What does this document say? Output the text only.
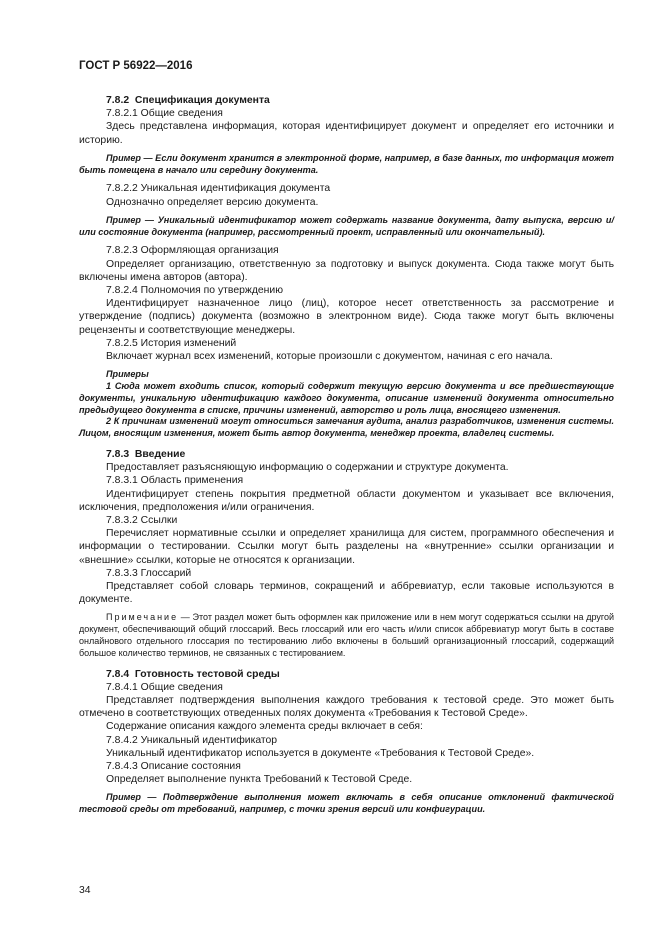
ГОСТ Р 56922—2016
7.8.2 Спецификация документа
7.8.2.1 Общие сведения
Здесь представлена информация, которая идентифицирует документ и определяет его источники и историю.
Пример — Если документ хранится в электронной форме, например, в базе данных, то информация может быть помещена в начало или середину документа.
7.8.2.2 Уникальная идентификация документа
Однозначно определяет версию документа.
Пример — Уникальный идентификатор может содержать название документа, дату выпуска, версию и/или состояние документа (например, рассмотренный проект, исправленный или окончательный).
7.8.2.3 Оформляющая организация
Определяет организацию, ответственную за подготовку и выпуск документа. Сюда также могут быть включены имена авторов (автора).
7.8.2.4 Полномочия по утверждению
Идентифицирует назначенное лицо (лиц), которое несет ответственность за рассмотрение и утверждение (подпись) документа (возможно в электронном виде). Сюда также могут быть включены рецензенты и соответствующие менеджеры.
7.8.2.5 История изменений
Включает журнал всех изменений, которые произошли с документом, начиная с его начала.
Примеры
1 Сюда может входить список, который содержит текущую версию документа и все предшествующие документы, уникальную идентификацию каждого документа, описание изменений документа относительно предыдущего документа в списке, причины изменений, авторство и роль лица, вносящего изменения.
2 К причинам изменений могут относиться замечания аудита, анализ разработчиков, изменения системы. Лицом, вносящим изменения, может быть автор документа, менеджер проекта, владелец системы.
7.8.3 Введение
Предоставляет разъясняющую информацию о содержании и структуре документа.
7.8.3.1 Область применения
Идентифицирует степень покрытия предметной области документом и указывает все включения, исключения, предположения и/или ограничения.
7.8.3.2 Ссылки
Перечисляет нормативные ссылки и определяет хранилища для систем, программного обеспечения и информации о тестировании. Ссылки могут быть разделены на «внутренние» ссылки организации и «внешние» ссылки, которые не относятся к организации.
7.8.3.3 Глоссарий
Представляет собой словарь терминов, сокращений и аббревиатур, если таковые используются в документе.
Примечание — Этот раздел может быть оформлен как приложение или в нем могут содержаться ссылки на другой документ, обеспечивающий общий глоссарий. Весь глоссарий или его часть и/или список аббревиатур могут быть в составе онлайнового отдельного глоссария по тестированию либо включены в больший организационный глоссарий, содержащий большое количество терминов, не связанных с тестированием.
7.8.4 Готовность тестовой среды
7.8.4.1 Общие сведения
Представляет подтверждения выполнения каждого требования к тестовой среде. Это может быть отмечено в соответствующих отведенных полях документа «Требования к Тестовой Среде».
Содержание описания каждого элемента среды включает в себя:
7.8.4.2 Уникальный идентификатор
Уникальный идентификатор используется в документе «Требования к Тестовой Среде».
7.8.4.3 Описание состояния
Определяет выполнение пункта Требований к Тестовой Среде.
Пример — Подтверждение выполнения может включать в себя описание отклонений фактической тестовой среды от требований, например, с точки зрения версий или конфигурации.
34
